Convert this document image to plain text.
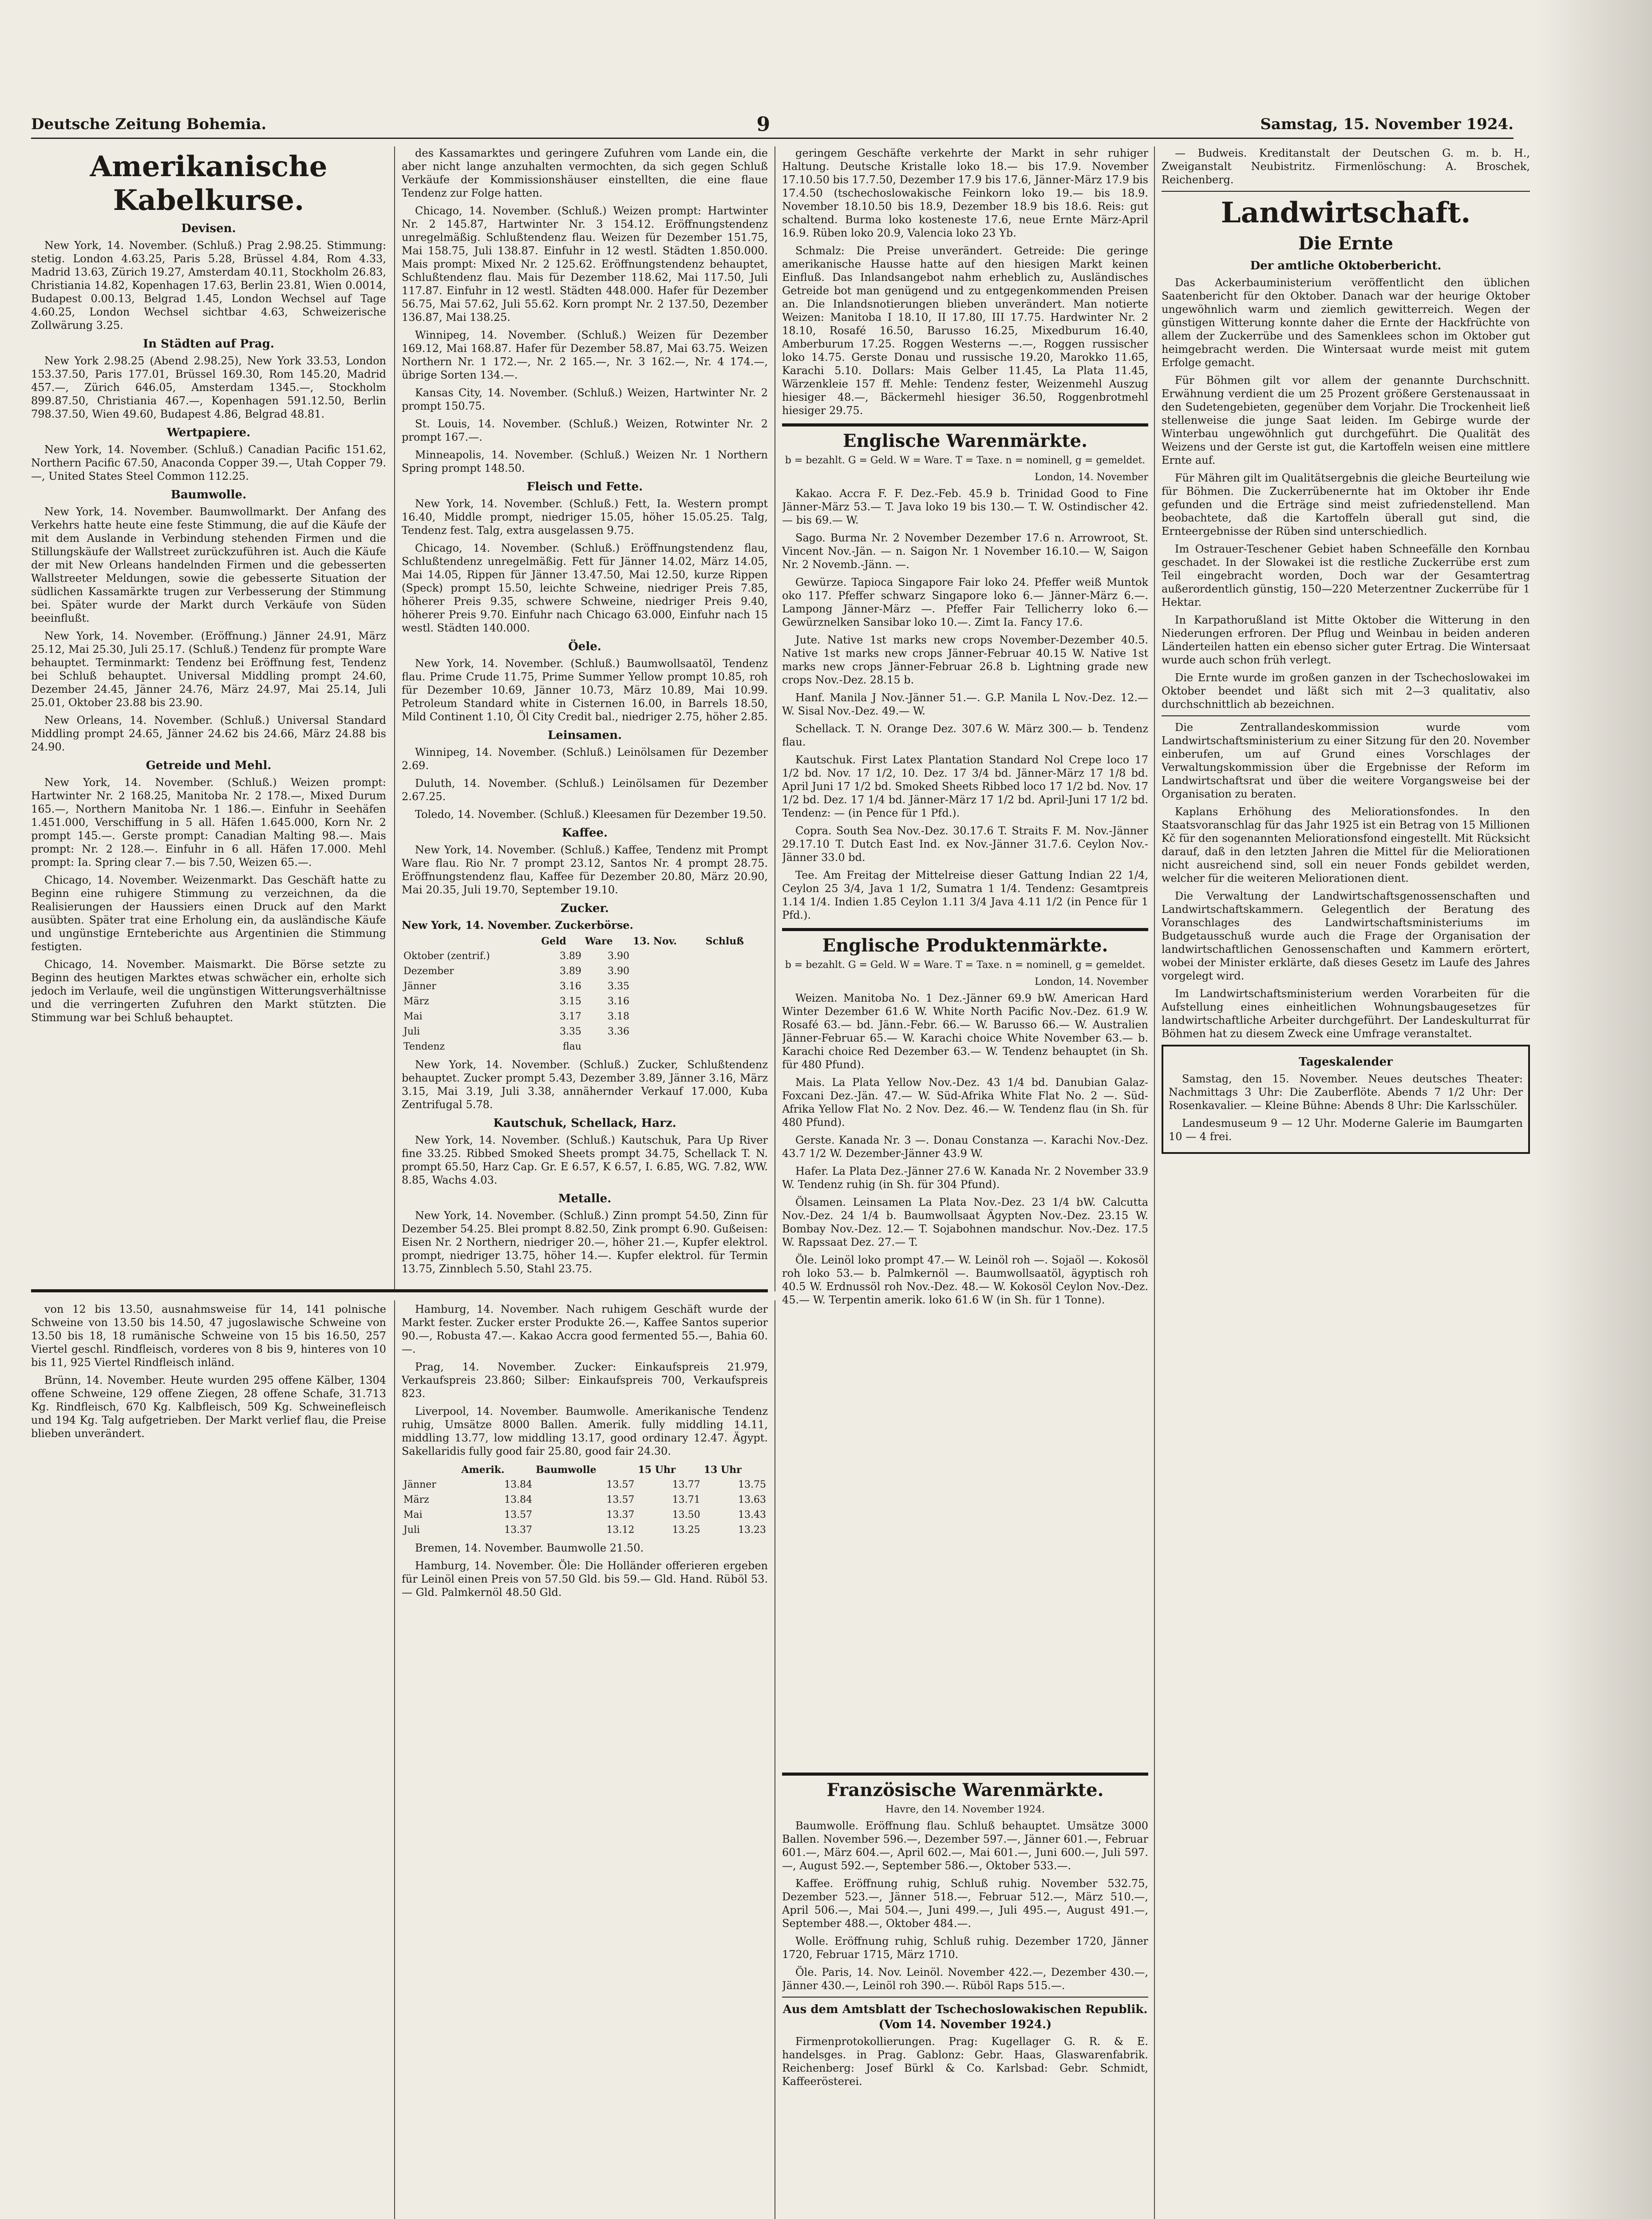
Deutsche Zeitung Bohemia.	9	Samstag, 15. November 1924.
Amerikanische Kabelkurse.
Devisen.

New York, 14. November. (Schluß.) Prag 2.98.25. Stimmung: stetig. London 4.63.25, Paris 5.28, Brüssel 4.84, Rom 4.33, Madrid 13.63, Zürich 19.27, Amsterdam 40.11, Stockholm 26.83, Christiania 14.82, Kopenhagen 17.63, Berlin 23.81, Wien 0.0014, Budapest 0.00.13, Belgrad 1.45, London Wechsel auf Tage 4.60.25, London Wechsel sichtbar 4.63, Schweizerische Zollwärung 3.25.

In Städten auf Prag.

New York 2.98.25 (Abend 2.98.25), New York 33.53, London 153.37.50, Paris 177.01, Brüssel 169.30, Rom 145.20, Madrid 457.—, Zürich 646.05, Amsterdam 1345.—, Stockholm 899.87.50, Christiania 467.—, Kopenhagen 591.12.50, Berlin 798.37.50, Wien 49.60, Budapest 4.86, Belgrad 48.81.

Wertpapiere.

New York, 14. November. (Schluß.) Canadian Pacific 151.62, Northern Pacific 67.50, Anaconda Copper 39.—, Utah Copper 79.—, United States Steel Common 112.25.

Baumwolle.

New York, 14. November. Baumwollmarkt. Der Anfang des Verkehrs hatte heute eine feste Stimmung, die auf die Käufe der mit dem Auslande in Verbindung stehenden Firmen und die Stillungskäufe der Wallstreet zurückzuführen ist. Auch die Käufe der mit New Orleans handelnden Firmen und die gebesserten Wallstreeter Meldungen, sowie die gebesserte Situation der südlichen Kassamärkte trugen zur Verbesserung der Stimmung bei. Später wurde der Markt durch Verkäufe von Süden beeinflußt.

New York, 14. November. (Eröffnung.) Jänner 24.91, März 25.12, Mai 25.30, Juli 25.17. (Schluß.) Tendenz für prompte Ware behauptet. Terminmarkt: Tendenz bei Eröffnung fest, Tendenz bei Schluß behauptet. Universal Middling prompt 24.60, Dezember 24.45, Jänner 24.76, März 24.97, Mai 25.14, Juli 25.01, Oktober 23.88 bis 23.90.

New Orleans, 14. November. (Schluß.) Universal Standard Middling prompt 24.65, Jänner 24.62 bis 24.66, März 24.88 bis 24.90.

Getreide und Mehl.

New York, 14. November. (Schluß.) Weizen prompt: Hartwinter Nr. 2 168.25, Manitoba Nr. 2 178.—, Mixed Durum 165.—, Northern Manitoba Nr. 1 186.—. Einfuhr in Seehäfen 1.451.000, Verschiffung in 5 all. Häfen 1.645.000, Korn Nr. 2 prompt 145.—. Gerste prompt: Canadian Malting 98.—. Mais prompt: Nr. 2 128.—. Einfuhr in 6 all. Häfen 17.000. Mehl prompt: Ia. Spring clear 7.— bis 7.50, Weizen 65.—.

Chicago, 14. November. Weizenmarkt. Das Geschäft hatte zu Beginn eine ruhigere Stimmung zu verzeichnen, da die Realisierungen der Haussiers einen Druck auf den Markt ausübten. Später trat eine Erholung ein, da ausländische Käufe und ungünstige Ernteberichte aus Argentinien die Stimmung festigten.

Chicago, 14. November. Maismarkt. Die Börse setzte zu Beginn des heutigen Marktes etwas schwächer ein, erholte sich jedoch im Verlaufe, weil die ungünstigen Witterungsverhältnisse und die verringerten Zufuhren den Markt stützten. Die Stimmung war bei Schluß behauptet.

des Kassamarktes und geringere Zufuhren vom Lande ein, die aber nicht lange anzuhalten vermochten, da sich gegen Schluß Verkäufe der Kommissionshäuser einstellten, die eine flaue Tendenz zur Folge hatten.

Chicago, 14. November. (Schluß.) Weizen prompt: Hartwinter Nr. 2 145.87, Hartwinter Nr. 3 154.12. Eröffnungstendenz unregelmäßig. Schlußtendenz flau. Weizen für Dezember 151.75, Mai 158.75, Juli 138.87. Einfuhr in 12 westl. Städten 1.850.000. Mais prompt: Mixed Nr. 2 125.62. Eröffnungstendenz behauptet, Schlußtendenz flau. Mais für Dezember 118.62, Mai 117.50, Juli 117.87. Einfuhr in 12 westl. Städten 448.000. Hafer für Dezember 56.75, Mai 57.62, Juli 55.62. Korn prompt Nr. 2 137.50, Dezember 136.87, Mai 138.25.

Winnipeg, 14. November. (Schluß.) Weizen für Dezember 169.12, Mai 168.87. Hafer für Dezember 58.87, Mai 63.75. Weizen Northern Nr. 1 172.—, Nr. 2 165.—, Nr. 3 162.—, Nr. 4 174.—, übrige Sorten 134.—.

Kansas City, 14. November. (Schluß.) Weizen, Hartwinter Nr. 2 prompt 150.75.

St. Louis, 14. November. (Schluß.) Weizen, Rotwinter Nr. 2 prompt 167.—.

Minneapolis, 14. November. (Schluß.) Weizen Nr. 1 Northern Spring prompt 148.50.

Fleisch und Fette.

New York, 14. November. (Schluß.) Fett, Ia. Western prompt 16.40, Middle prompt, niedriger 15.05, höher 15.05.25. Talg, Tendenz fest. Talg, extra ausgelassen 9.75.

Chicago, 14. November. (Schluß.) Eröffnungstendenz flau, Schlußtendenz unregelmäßig. Fett für Jänner 14.02, März 14.05, Mai 14.05, Rippen für Jänner 13.47.50, Mai 12.50, kurze Rippen (Speck) prompt 15.50, leichte Schweine, niedriger Preis 7.85, höherer Preis 9.35, schwere Schweine, niedriger Preis 9.40, höherer Preis 9.70. Einfuhr nach Chicago 63.000, Einfuhr nach 15 westl. Städten 140.000.

Öele.

New York, 14. November. (Schluß.) Baumwollsaatöl, Tendenz flau. Prime Crude 11.75, Prime Summer Yellow prompt 10.85, roh für Dezember 10.69, Jänner 10.73, März 10.89, Mai 10.99. Petroleum Standard white in Cisternen 16.00, in Barrels 18.50, Mild Continent 1.10, Öl City Credit bal., niedriger 2.75, höher 2.85.

Leinsamen.

Winnipeg, 14. November. (Schluß.) Leinölsamen für Dezember 2.69.

Duluth, 14. November. (Schluß.) Leinölsamen für Dezember 2.67.25.

Toledo, 14. November. (Schluß.) Kleesamen für Dezember 19.50.

Kaffee.

New York, 14. November. (Schluß.) Kaffee, Tendenz mit Prompt Ware flau. Rio Nr. 7 prompt 23.12, Santos Nr. 4 prompt 28.75. Eröffnungstendenz flau, Kaffee für Dezember 20.80, März 20.90, Mai 20.35, Juli 19.70, September 19.10.

Zucker.
New York, 14. November. Zuckerbörse.
	Geld	Ware	13. Nov.	Schluß
Oktober (zentrif.)	3.89	3.90		
Dezember	3.89	3.90		
Jänner	3.16	3.35		
März	3.15	3.16		
Mai	3.17	3.18		
Juli	3.35	3.36		
Tendenz	flau			

New York, 14. November. (Schluß.) Zucker, Schlußtendenz behauptet. Zucker prompt 5.43, Dezember 3.89, Jänner 3.16, März 3.15, Mai 3.19, Juli 3.38, annähernder Verkauf 17.000, Kuba Zentrifugal 5.78.

Kautschuk, Schellack, Harz.

New York, 14. November. (Schluß.) Kautschuk, Para Up River fine 33.25. Ribbed Smoked Sheets prompt 34.75, Schellack T. N. prompt 65.50, Harz Cap. Gr. E 6.57, K 6.57, I. 6.85, WG. 7.82, WW. 8.85, Wachs 4.03.

Metalle.

New York, 14. November. (Schluß.) Zinn prompt 54.50, Zinn für Dezember 54.25. Blei prompt 8.82.50, Zink prompt 6.90. Gußeisen: Eisen Nr. 2 Northern, niedriger 20.—, höher 21.—, Kupfer elektrol. prompt, niedriger 13.75, höher 14.—. Kupfer elektrol. für Termin 13.75, Zinnblech 5.50, Stahl 23.75.

geringem Geschäfte verkehrte der Markt in sehr ruhiger Haltung. Deutsche Kristalle loko 18.— bis 17.9. November 17.10.50 bis 17.7.50, Dezember 17.9 bis 17.6, Jänner-März 17.9 bis 17.4.50 (tschechoslowakische Feinkorn loko 19.— bis 18.9. November 18.10.50 bis 18.9, Dezember 18.9 bis 18.6. Reis: gut schaltend. Burma loko kosteneste 17.6, neue Ernte März-April 16.9. Rüben loko 20.9, Valencia loko 23 Yb.

Schmalz: Die Preise unverändert. Getreide: Die geringe amerikanische Hausse hatte auf den hiesigen Markt keinen Einfluß. Das Inlandsangebot nahm erheblich zu, Ausländisches Getreide bot man genügend und zu entgegenkommenden Preisen an. Die Inlandsnotierungen blieben unverändert. Man notierte Weizen: Manitoba I 18.10, II 17.80, III 17.75. Hardwinter Nr. 2 18.10, Rosafé 16.50, Barusso 16.25, Mixedburum 16.40, Amberburum 17.25. Roggen Westerns —.—, Roggen russischer loko 14.75. Gerste Donau und russische 19.20, Marokko 11.65, Karachi 5.10. Dollars: Mais Gelber 11.45, La Plata 11.45, Wärzenkleie 157 ff. Mehle: Tendenz fester, Weizenmehl Auszug hiesiger 48.—, Bäckermehl hiesiger 36.50, Roggenbrotmehl hiesiger 29.75.

Englische Warenmärkte.
b = bezahlt. G = Geld. W = Ware. T = Taxe. n = nominell, g = gemeldet.
London, 14. November

Kakao. Accra F. F. Dez.-Feb. 45.9 b. Trinidad Good to Fine Jänner-März 53.— T. Java loko 19 bis 130.— T. W. Ostindischer 42.— bis 69.— W.

Sago. Burma Nr. 2 November Dezember 17.6 n. Arrowroot, St. Vincent Nov.-Jän. — n. Saigon Nr. 1 November 16.10.— W, Saigon Nr. 2 Novemb.-Jänn. —.

Gewürze. Tapioca Singapore Fair loko 24. Pfeffer weiß Muntok oko 117. Pfeffer schwarz Singapore loko 6.— Jänner-März 6.—. Lampong Jänner-März —. Pfeffer Fair Tellicherry loko 6.— Gewürznelken Sansibar loko 10.—. Zimt Ia. Fancy 17.6.

Jute. Native 1st marks new crops November-Dezember 40.5. Native 1st marks new crops Jänner-Februar 40.15 W. Native 1st marks new crops Jänner-Februar 26.8 b. Lightning grade new crops Nov.-Dez. 28.15 b.

Hanf. Manila J Nov.-Jänner 51.—. G.P. Manila L Nov.-Dez. 12.— W. Sisal Nov.-Dez. 49.— W.

Schellack. T. N. Orange Dez. 307.6 W. März 300.— b. Tendenz flau.

Kautschuk. First Latex Plantation Standard Nol Crepe loco 17 1/2 bd. Nov. 17 1/2, 10. Dez. 17 3/4 bd. Jänner-März 17 1/8 bd. April Juni 17 1/2 bd. Smoked Sheets Ribbed loco 17 1/2 bd. Nov. 17 1/2 bd. Dez. 17 1/4 bd. Jänner-März 17 1/2 bd. April-Juni 17 1/2 bd. Tendenz: — (in Pence für 1 Pfd.).

Copra. South Sea Nov.-Dez. 30.17.6 T. Straits F. M. Nov.-Jänner 29.17.10 T. Dutch East Ind. ex Nov.-Jänner 31.7.6. Ceylon Nov.-Jänner 33.0 bd.

Tee. Am Freitag der Mittelreise dieser Gattung Indian 22 1/4, Ceylon 25 3/4, Java 1 1/2, Sumatra 1 1/4. Tendenz: Gesamtpreis 1.14 1/4. Indien 1.85 Ceylon 1.11 3/4 Java 4.11 1/2 (in Pence für 1 Pfd.).

Englische Produktenmärkte.
b = bezahlt. G = Geld. W = Ware. T = Taxe. n = nominell, g = gemeldet.
London, 14. November

Weizen. Manitoba No. 1 Dez.-Jänner 69.9 bW. American Hard Winter Dezember 61.6 W. White North Pacific Nov.-Dez. 61.9 W. Rosafé 63.— bd. Jänn.-Febr. 66.— W. Barusso 66.— W. Australien Jänner-Februar 65.— W. Karachi choice White November 63.— b. Karachi choice Red Dezember 63.— W. Tendenz behauptet (in Sh. für 480 Pfund).

Mais. La Plata Yellow Nov.-Dez. 43 1/4 bd. Danubian Galaz-Foxcani Dez.-Jän. 47.— W. Süd-Afrika White Flat No. 2 —. Süd-Afrika Yellow Flat No. 2 Nov. Dez. 46.— W. Tendenz flau (in Sh. für 480 Pfund).

Gerste. Kanada Nr. 3 —. Donau Constanza —. Karachi Nov.-Dez. 43.7 1/2 W. Dezember-Jänner 43.9 W.

Hafer. La Plata Dez.-Jänner 27.6 W. Kanada Nr. 2 November 33.9 W. Tendenz ruhig (in Sh. für 304 Pfund).

Ölsamen. Leinsamen La Plata Nov.-Dez. 23 1/4 bW. Calcutta Nov.-Dez. 24 1/4 b. Baumwollsaat Ägypten Nov.-Dez. 23.15 W. Bombay Nov.-Dez. 12.— T. Sojabohnen mandschur. Nov.-Dez. 17.5 W. Rapssaat Dez. 27.— T.

Öle. Leinöl loko prompt 47.— W. Leinöl roh —. Sojaöl —. Kokosöl roh loko 53.— b. Palmkernöl —. Baumwollsaatöl, ägyptisch roh 40.5 W. Erdnussöl roh Nov.-Dez. 48.— W. Kokosöl Ceylon Nov.-Dez. 45.— W. Terpentin amerik. loko 61.6 W (in Sh. für 1 Tonne).

— Budweis. Kreditanstalt der Deutschen G. m. b. H., Zweiganstalt Neubistritz. Firmenlöschung: A. Broschek, Reichenberg.

Landwirtschaft.
Die Ernte
Der amtliche Oktoberbericht.

Das Ackerbauministerium veröffentlicht den üblichen Saatenbericht für den Oktober. Danach war der heurige Oktober ungewöhnlich warm und ziemlich gewitterreich. Wegen der günstigen Witterung konnte daher die Ernte der Hackfrüchte von allem der Zuckerrübe und des Samenklees schon im Oktober gut heimgebracht werden. Die Wintersaat wurde meist mit gutem Erfolge gemacht.

Für Böhmen gilt vor allem der genannte Durchschnitt. Erwähnung verdient die um 25 Prozent größere Gerstenaussaat in den Sudetengebieten, gegenüber dem Vorjahr. Die Trockenheit ließ stellenweise die junge Saat leiden. Im Gebirge wurde der Winterbau ungewöhnlich gut durchgeführt. Die Qualität des Weizens und der Gerste ist gut, die Kartoffeln weisen eine mittlere Ernte auf.

Für Mähren gilt im Qualitätsergebnis die gleiche Beurteilung wie für Böhmen. Die Zuckerrübenernte hat im Oktober ihr Ende gefunden und die Erträge sind meist zufriedenstellend. Man beobachtete, daß die Kartoffeln überall gut sind, die Ernteergebnisse der Rüben sind unterschiedlich.

Im Ostrauer-Teschener Gebiet haben Schneefälle den Kornbau geschadet. In der Slowakei ist die restliche Zuckerrübe erst zum Teil eingebracht worden, Doch war der Gesamtertrag außerordentlich günstig, 150—220 Meterzentner Zuckerrübe für 1 Hektar.

In Karpathorußland ist Mitte Oktober die Witterung in den Niederungen erfroren. Der Pflug und Weinbau in beiden anderen Länderteilen hatten ein ebenso sicher guter Ertrag. Die Wintersaat wurde auch schon früh verlegt.

Die Ernte wurde im großen ganzen in der Tschechoslowakei im Oktober beendet und läßt sich mit 2—3 qualitativ, also durchschnittlich ab bezeichnen.

Die Zentrallandeskommission wurde vom Landwirtschaftsministerium zu einer Sitzung für den 20. November einberufen, um auf Grund eines Vorschlages der Verwaltungskommission über die Ergebnisse der Reform im Landwirtschaftsrat und über die weitere Vorgangsweise bei der Organisation zu beraten.

Kaplans Erhöhung des Meliorationsfondes. In den Staatsvoranschlag für das Jahr 1925 ist ein Betrag von 15 Millionen Kč für den sogenannten Meliorationsfond eingestellt. Mit Rücksicht darauf, daß in den letzten Jahren die Mittel für die Meliorationen nicht ausreichend sind, soll ein neuer Fonds gebildet werden, welcher für die weiteren Meliorationen dient.

Die Verwaltung der Landwirtschaftsgenossenschaften und Landwirtschaftskammern. Gelegentlich der Beratung des Voranschlages des Landwirtschaftsministeriums im Budgetausschuß wurde auch die Frage der Organisation der landwirtschaftlichen Genossenschaften und Kammern erörtert, wobei der Minister erklärte, daß dieses Gesetz im Laufe des Jahres vorgelegt wird.

Im Landwirtschaftsministerium werden Vorarbeiten für die Aufstellung eines einheitlichen Wohnungsbaugesetzes für landwirtschaftliche Arbeiter durchgeführt. Der Landeskulturrat für Böhmen hat zu diesem Zweck eine Umfrage veranstaltet.

Tageskalender

Samstag, den 15. November. Neues deutsches Theater: Nachmittags 3 Uhr: Die Zauberflöte. Abends 7 1/2 Uhr: Der Rosenkavalier. — Kleine Bühne: Abends 8 Uhr: Die Karlsschüler.

Landesmuseum 9 — 12 Uhr. Moderne Galerie im Baumgarten 10 — 4 frei.

von 12 bis 13.50, ausnahmsweise für 14, 141 polnische Schweine von 13.50 bis 14.50, 47 jugoslawische Schweine von 13.50 bis 18, 18 rumänische Schweine von 15 bis 16.50, 257 Viertel geschl. Rindfleisch, vorderes von 8 bis 9, hinteres von 10 bis 11, 925 Viertel Rindfleisch inländ.

Brünn, 14. November. Heute wurden 295 offene Kälber, 1304 offene Schweine, 129 offene Ziegen, 28 offene Schafe, 31.713 Kg. Rindfleisch, 670 Kg. Kalbfleisch, 509 Kg. Schweinefleisch und 194 Kg. Talg aufgetrieben. Der Markt verlief flau, die Preise blieben unverändert.

Hamburg, 14. November. Nach ruhigem Geschäft wurde der Markt fester. Zucker erster Produkte 26.—, Kaffee Santos superior 90.—, Robusta 47.—. Kakao Accra good fermented 55.—, Bahia 60.—.

Prag, 14. November. Zucker: Einkaufspreis 21.979, Verkaufspreis 23.860; Silber: Einkaufspreis 700, Verkaufspreis 823.

Liverpool, 14. November. Baumwolle. Amerikanische Tendenz ruhig, Umsätze 8000 Ballen. Amerik. fully middling 14.11, middling 13.77, low middling 13.17, good ordinary 12.47. Ägypt. Sakellaridis fully good fair 25.80, good fair 24.30.

	Amerik.	Baumwolle	15 Uhr	13 Uhr
Jänner	13.84	13.57	13.77	13.75
März	13.84	13.57	13.71	13.63
Mai	13.57	13.37	13.50	13.43
Juli	13.37	13.12	13.25	13.23

Bremen, 14. November. Baumwolle 21.50.

Hamburg, 14. November. Öle: Die Holländer offerieren ergeben für Leinöl einen Preis von 57.50 Gld. bis 59.— Gld. Hand. Rüböl 53.— Gld. Palmkernöl 48.50 Gld.

Französische Warenmärkte.
Havre, den 14. November 1924.

Baumwolle. Eröffnung flau. Schluß behauptet. Umsätze 3000 Ballen. November 596.—, Dezember 597.—, Jänner 601.—, Februar 601.—, März 604.—, April 602.—, Mai 601.—, Juni 600.—, Juli 597.—, August 592.—, September 586.—, Oktober 533.—.

Kaffee. Eröffnung ruhig, Schluß ruhig. November 532.75, Dezember 523.—, Jänner 518.—, Februar 512.—, März 510.—, April 506.—, Mai 504.—, Juni 499.—, Juli 495.—, August 491.—, September 488.—, Oktober 484.—.

Wolle. Eröffnung ruhig, Schluß ruhig. Dezember 1720, Jänner 1720, Februar 1715, März 1710.

Öle. Paris, 14. Nov. Leinöl. November 422.—, Dezember 430.—, Jänner 430.—, Leinöl roh 390.—. Rüböl Raps 515.—.

Aus dem Amtsblatt der Tschechoslowakischen Republik. (Vom 14. November 1924.)

Firmenprotokollierungen. Prag: Kugellager G. R. & E. handelsges. in Prag. Gablonz: Gebr. Haas, Glaswarenfabrik. Reichenberg: Josef Bürkl & Co. Karlsbad: Gebr. Schmidt, Kaffeerösterei.
